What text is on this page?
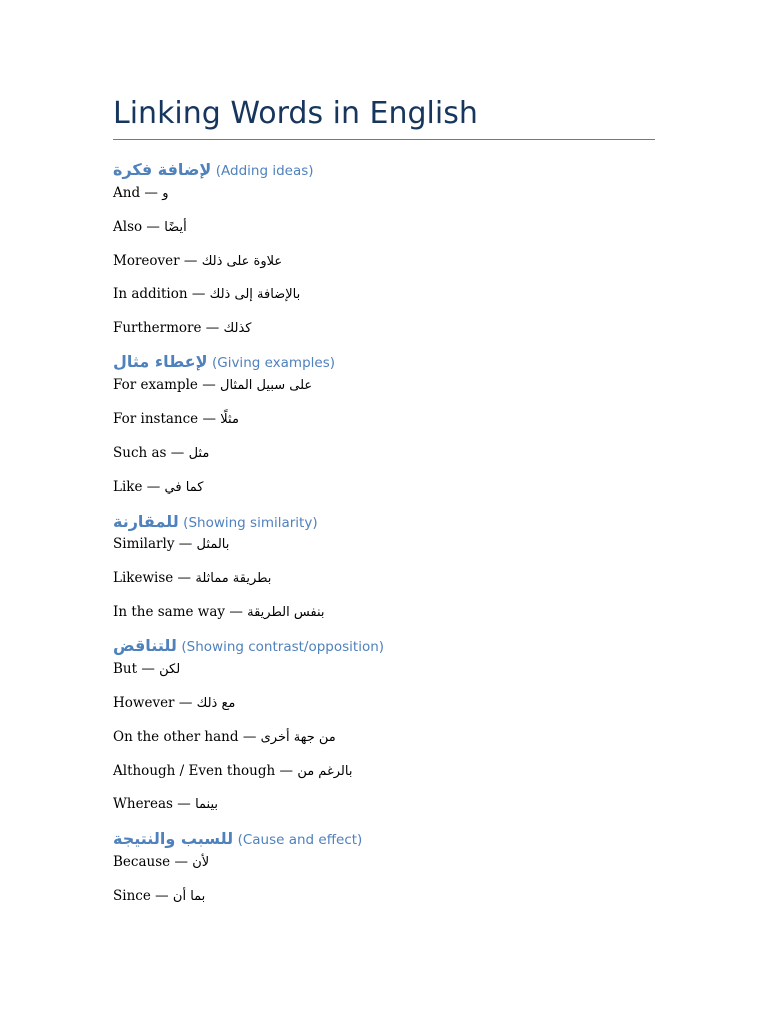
Linking Words in English
لإضافة فكرة (Adding ideas)

And — و

Also — أيضًا

Moreover — علاوة على ذلك

In addition — بالإضافة إلى ذلك

Furthermore — كذلك

لإعطاء مثال (Giving examples)

For example — على سبيل المثال

For instance — مثلًا

Such as — مثل

Like — كما في

للمقارنة (Showing similarity)

Similarly — بالمثل

Likewise — بطريقة مماثلة

In the same way — بنفس الطريقة

للتناقض (Showing contrast/opposition)

But — لكن

However — مع ذلك

On the other hand — من جهة أخرى

Although / Even though — بالرغم من

Whereas — بينما

للسبب والنتيجة (Cause and effect)

Because — لأن

Since — بما أن
